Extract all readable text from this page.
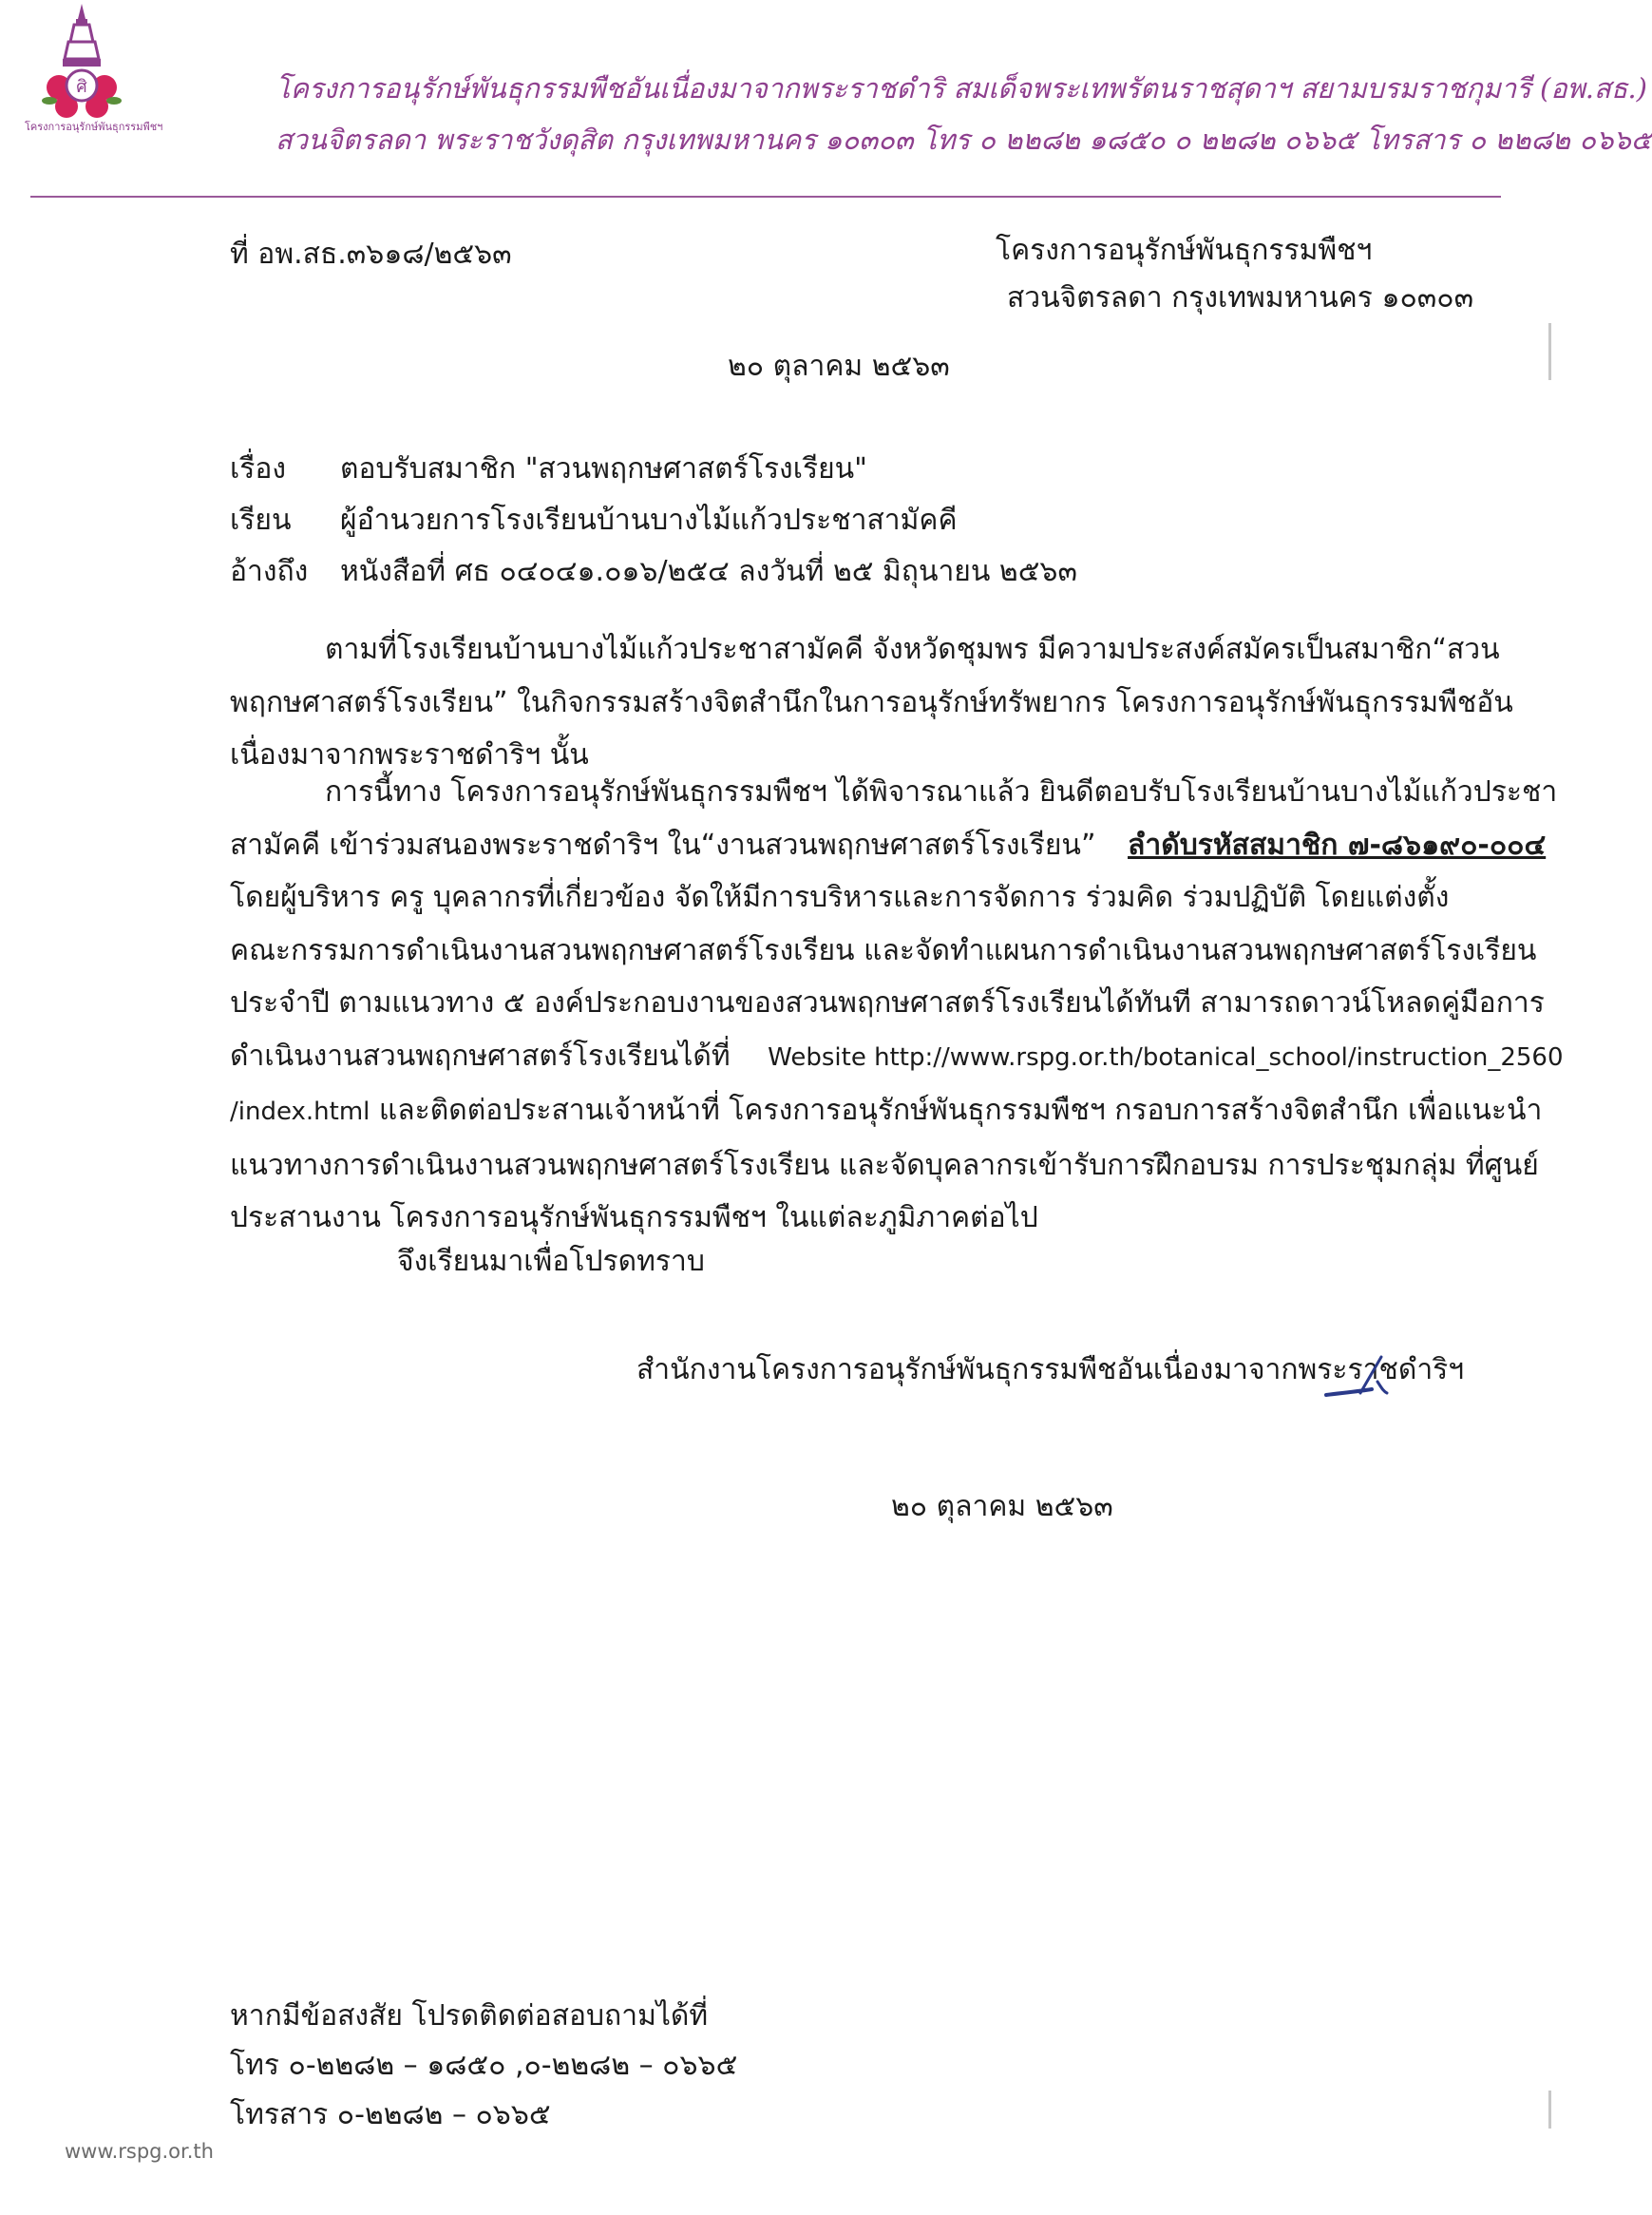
ศิ
โครงการอนุรักษ์พันธุกรรมพืชฯ
โครงการอนุรักษ์พันธุกรรมพืชอันเนื่องมาจากพระราชดำริ สมเด็จพระเทพรัตนราชสุดาฯ สยามบรมราชกุมารี (อพ.สธ.)
สวนจิตรลดา พระราชวังดุสิต กรุงเทพมหานคร ๑๐๓๐๓ โทร ๐ ๒๒๘๒ ๑๘๕๐ ๐ ๒๒๘๒ ๐๖๖๕ โทรสาร ๐ ๒๒๘๒ ๐๖๖๕
ที่ อพ.สธ.๓๖๑๘/๒๕๖๓	โครงการอนุรักษ์พันธุกรรมพืชฯ
สวนจิตรลดา กรุงเทพมหานคร ๑๐๓๐๓
๒๐ ตุลาคม ๒๕๖๓
เรื่อง	ตอบรับสมาชิก "สวนพฤกษศาสตร์โรงเรียน"
เรียน	ผู้อำนวยการโรงเรียนบ้านบางไม้แก้วประชาสามัคคี
อ้างถึง	หนังสือที่ ศธ ๐๔๐๔๑.๐๑๖/๒๕๔ ลงวันที่ ๒๕ มิถุนายน ๒๕๖๓
ตามที่โรงเรียนบ้านบางไม้แก้วประชาสามัคคี จังหวัดชุมพร มีความประสงค์สมัครเป็นสมาชิก“สวน
พฤกษศาสตร์โรงเรียน” ในกิจกรรมสร้างจิตสำนึกในการอนุรักษ์ทรัพยากร โครงการอนุรักษ์พันธุกรรมพืชอัน
เนื่องมาจากพระราชดำริฯ นั้น
การนี้ทาง โครงการอนุรักษ์พันธุกรรมพืชฯ ได้พิจารณาแล้ว ยินดีตอบรับโรงเรียนบ้านบางไม้แก้วประชา
สามัคคี เข้าร่วมสนองพระราชดำริฯ ใน“งานสวนพฤกษศาสตร์โรงเรียน” ลำดับรหัสสมาชิก ๗-๘๖๑๙๐-๐๐๔
โดยผู้บริหาร ครู บุคลากรที่เกี่ยวข้อง จัดให้มีการบริหารและการจัดการ ร่วมคิด ร่วมปฏิบัติ โดยแต่งตั้ง
คณะกรรมการดำเนินงานสวนพฤกษศาสตร์โรงเรียน และจัดทำแผนการดำเนินงานสวนพฤกษศาสตร์โรงเรียน
ประจำปี ตามแนวทาง ๕ องค์ประกอบงานของสวนพฤกษศาสตร์โรงเรียนได้ทันที สามารถดาวน์โหลดคู่มือการ
ดำเนินงานสวนพฤกษศาสตร์โรงเรียนได้ที่ Website http://www.rspg.or.th/botanical_school/instruction_2560
/index.html และติดต่อประสานเจ้าหน้าที่ โครงการอนุรักษ์พันธุกรรมพืชฯ กรอบการสร้างจิตสำนึก เพื่อแนะนำ
แนวทางการดำเนินงานสวนพฤกษศาสตร์โรงเรียน และจัดบุคลากรเข้ารับการฝึกอบรม การประชุมกลุ่ม ที่ศูนย์
ประสานงาน โครงการอนุรักษ์พันธุกรรมพืชฯ ในแต่ละภูมิภาคต่อไป
จึงเรียนมาเพื่อโปรดทราบ
สำนักงานโครงการอนุรักษ์พันธุกรรมพืชอันเนื่องมาจากพระราชดำริฯ
๒๐ ตุลาคม ๒๕๖๓
หากมีข้อสงสัย โปรดติดต่อสอบถามได้ที่
โทร ๐-๒๒๘๒ – ๑๘๕๐ ,๐-๒๒๘๒ – ๐๖๖๕
โทรสาร ๐-๒๒๘๒ – ๐๖๖๕
www.rspg.or.th
